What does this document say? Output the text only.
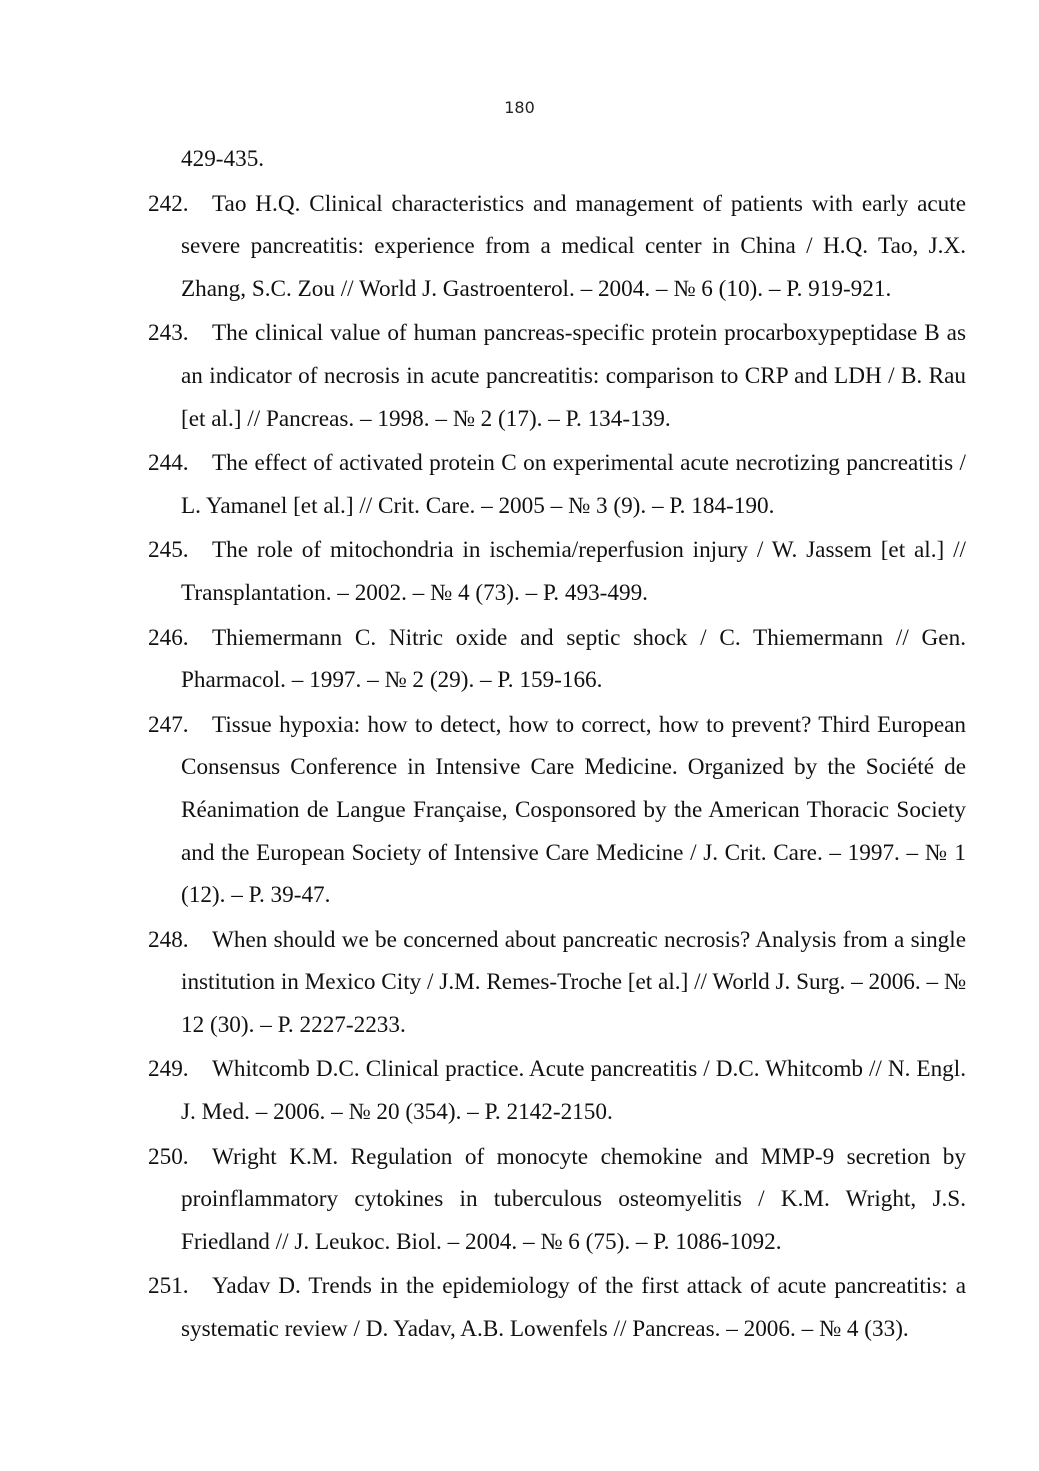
180
429-435.
242.	Tao H.Q. Clinical characteristics and management of patients with early acute severe pancreatitis: experience from a medical center in China / H.Q. Tao, J.X. Zhang, S.C. Zou // World J. Gastroenterol. – 2004. – № 6 (10). – P. 919-921.
243.	The clinical value of human pancreas-specific protein procarboxypeptidase B as an indicator of necrosis in acute pancreatitis: comparison to CRP and LDH / B. Rau [et al.] // Pancreas. – 1998. – № 2 (17). – P. 134-139.
244.	The effect of activated protein C on experimental acute necrotizing pancreatitis / L. Yamanel [et al.] // Crit. Care. – 2005 – № 3 (9). – P. 184-190.
245.	The role of mitochondria in ischemia/reperfusion injury / W. Jassem [et al.] // Transplantation. – 2002. – № 4 (73). – P. 493-499.
246.	Thiemermann C. Nitric oxide and septic shock / C. Thiemermann // Gen. Pharmacol. – 1997. – № 2 (29). – P. 159-166.
247.	Tissue hypoxia: how to detect, how to correct, how to prevent? Third European Consensus Conference in Intensive Care Medicine. Organized by the Société de Réanimation de Langue Française, Cosponsored by the American Thoracic Society and the European Society of Intensive Care Medicine / J. Crit. Care. – 1997. – № 1 (12). – P. 39-47.
248.	When should we be concerned about pancreatic necrosis? Analysis from a single institution in Mexico City / J.M. Remes-Troche [et al.] // World J. Surg. – 2006. – № 12 (30). – P. 2227-2233.
249.	Whitcomb D.C. Clinical practice. Acute pancreatitis / D.C. Whitcomb // N. Engl. J. Med. – 2006. – № 20 (354). – P. 2142-2150.
250.	Wright K.M. Regulation of monocyte chemokine and MMP-9 secretion by proinflammatory cytokines in tuberculous osteomyelitis / K.M. Wright, J.S. Friedland // J. Leukoc. Biol. – 2004. – № 6 (75). – P. 1086-1092.
251.	Yadav D. Trends in the epidemiology of the first attack of acute pancreatitis: a systematic review / D. Yadav, A.B. Lowenfels // Pancreas. – 2006. – № 4 (33).
